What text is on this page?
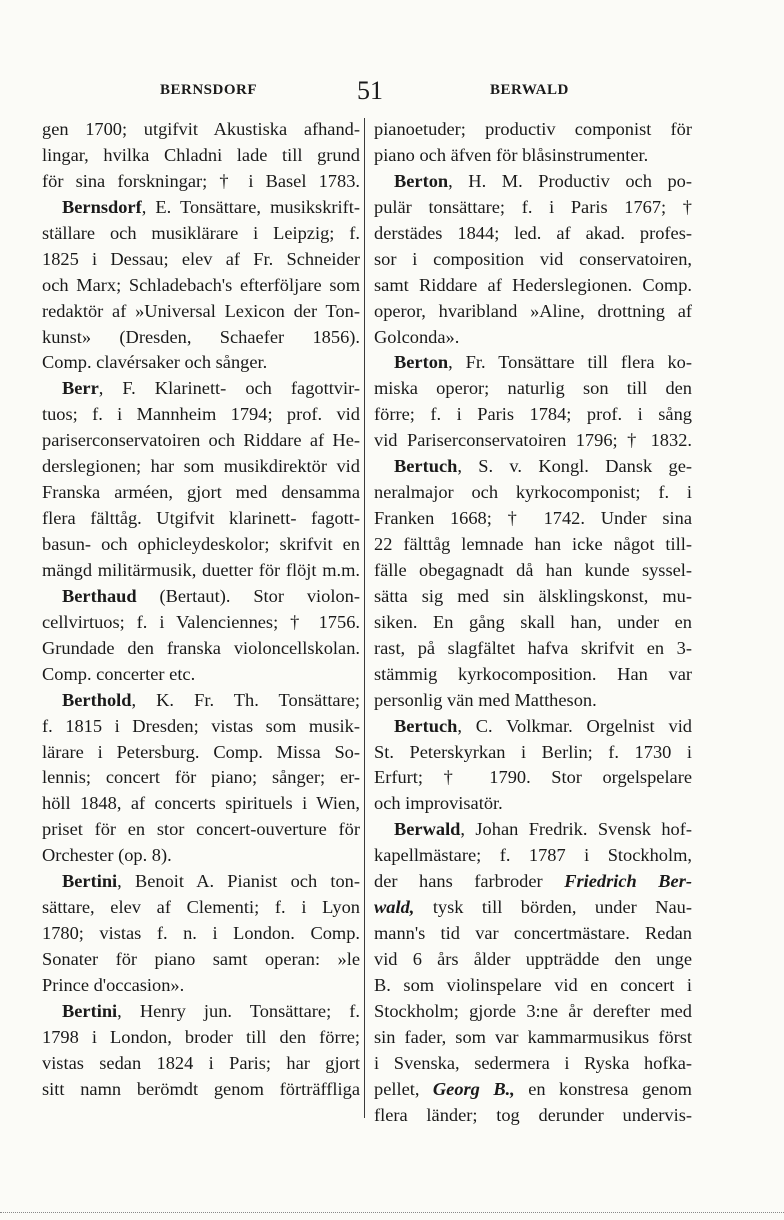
BERNSDORF	51	BERWALD
gen 1700; utgifvit Akustiska afhand-
lingar, hvilka Chladni lade till grund
för sina forskningar; † i Basel 1783.
Bernsdorf, E. Tonsättare, musikskrift-
ställare och musiklärare i Leipzig; f.
1825 i Dessau; elev af Fr. Schneider
och Marx; Schladebach's efterföljare som
redaktör af »Universal Lexicon der Ton-
kunst» (Dresden, Schaefer 1856).
Comp. clavérsaker och sånger.
Berr, F. Klarinett- och fagottvir-
tuos; f. i Mannheim 1794; prof. vid
pariserconservatoiren och Riddare af He-
derslegionen; har som musikdirektör vid
Franska arméen, gjort med densamma
flera fälttåg. Utgifvit klarinett- fagott-
basun- och ophicleydeskolor; skrifvit en
mängd militärmusik, duetter för flöjt m.m.
Berthaud (Bertaut). Stor violon-
cellvirtuos; f. i Valenciennes; † 1756.
Grundade den franska violoncellskolan.
Comp. concerter etc.
Berthold, K. Fr. Th. Tonsättare;
f. 1815 i Dresden; vistas som musik-
lärare i Petersburg. Comp. Missa So-
lennis; concert för piano; sånger; er-
höll 1848, af concerts spirituels i Wien,
priset för en stor concert-ouverture för
Orchester (op. 8).
Bertini, Benoit A. Pianist och ton-
sättare, elev af Clementi; f. i Lyon
1780; vistas f. n. i London. Comp.
Sonater för piano samt operan: »le
Prince d'occasion».
Bertini, Henry jun. Tonsättare; f.
1798 i London, broder till den förre;
vistas sedan 1824 i Paris; har gjort
sitt namn berömdt genom förträffliga
pianoetuder; productiv componist för
piano och äfven för blåsinstrumenter.
Berton, H. M. Productiv och po-
pulär tonsättare; f. i Paris 1767; †
derstädes 1844; led. af akad. profes-
sor i composition vid conservatoiren,
samt Riddare af Hederslegionen. Comp.
operor, hvaribland »Aline, drottning af
Golconda».
Berton, Fr. Tonsättare till flera ko-
miska operor; naturlig son till den
förre; f. i Paris 1784; prof. i sång
vid Pariserconservatoiren 1796; † 1832.
Bertuch, S. v. Kongl. Dansk ge-
neralmajor och kyrkocomponist; f. i
Franken 1668; † 1742. Under sina
22 fälttåg lemnade han icke något till-
fälle obegagnadt då han kunde syssel-
sätta sig med sin älsklingskonst, mu-
siken. En gång skall han, under en
rast, på slagfältet hafva skrifvit en 3-
stämmig kyrkocomposition. Han var
personlig vän med Mattheson.
Bertuch, C. Volkmar. Orgelnist vid
St. Peterskyrkan i Berlin; f. 1730 i
Erfurt; † 1790. Stor orgelspelare
och improvisatör.
Berwald, Johan Fredrik. Svensk hof-
kapellmästare; f. 1787 i Stockholm,
der hans farbroder Friedrich Ber-
wald, tysk till börden, under Nau-
mann's tid var concertmästare. Redan
vid 6 års ålder uppträdde den unge
B. som violinspelare vid en concert i
Stockholm; gjorde 3:ne år derefter med
sin fader, som var kammarmusikus först
i Svenska, sedermera i Ryska hofka-
pellet, Georg B., en konstresa genom
flera länder; tog derunder undervis-
